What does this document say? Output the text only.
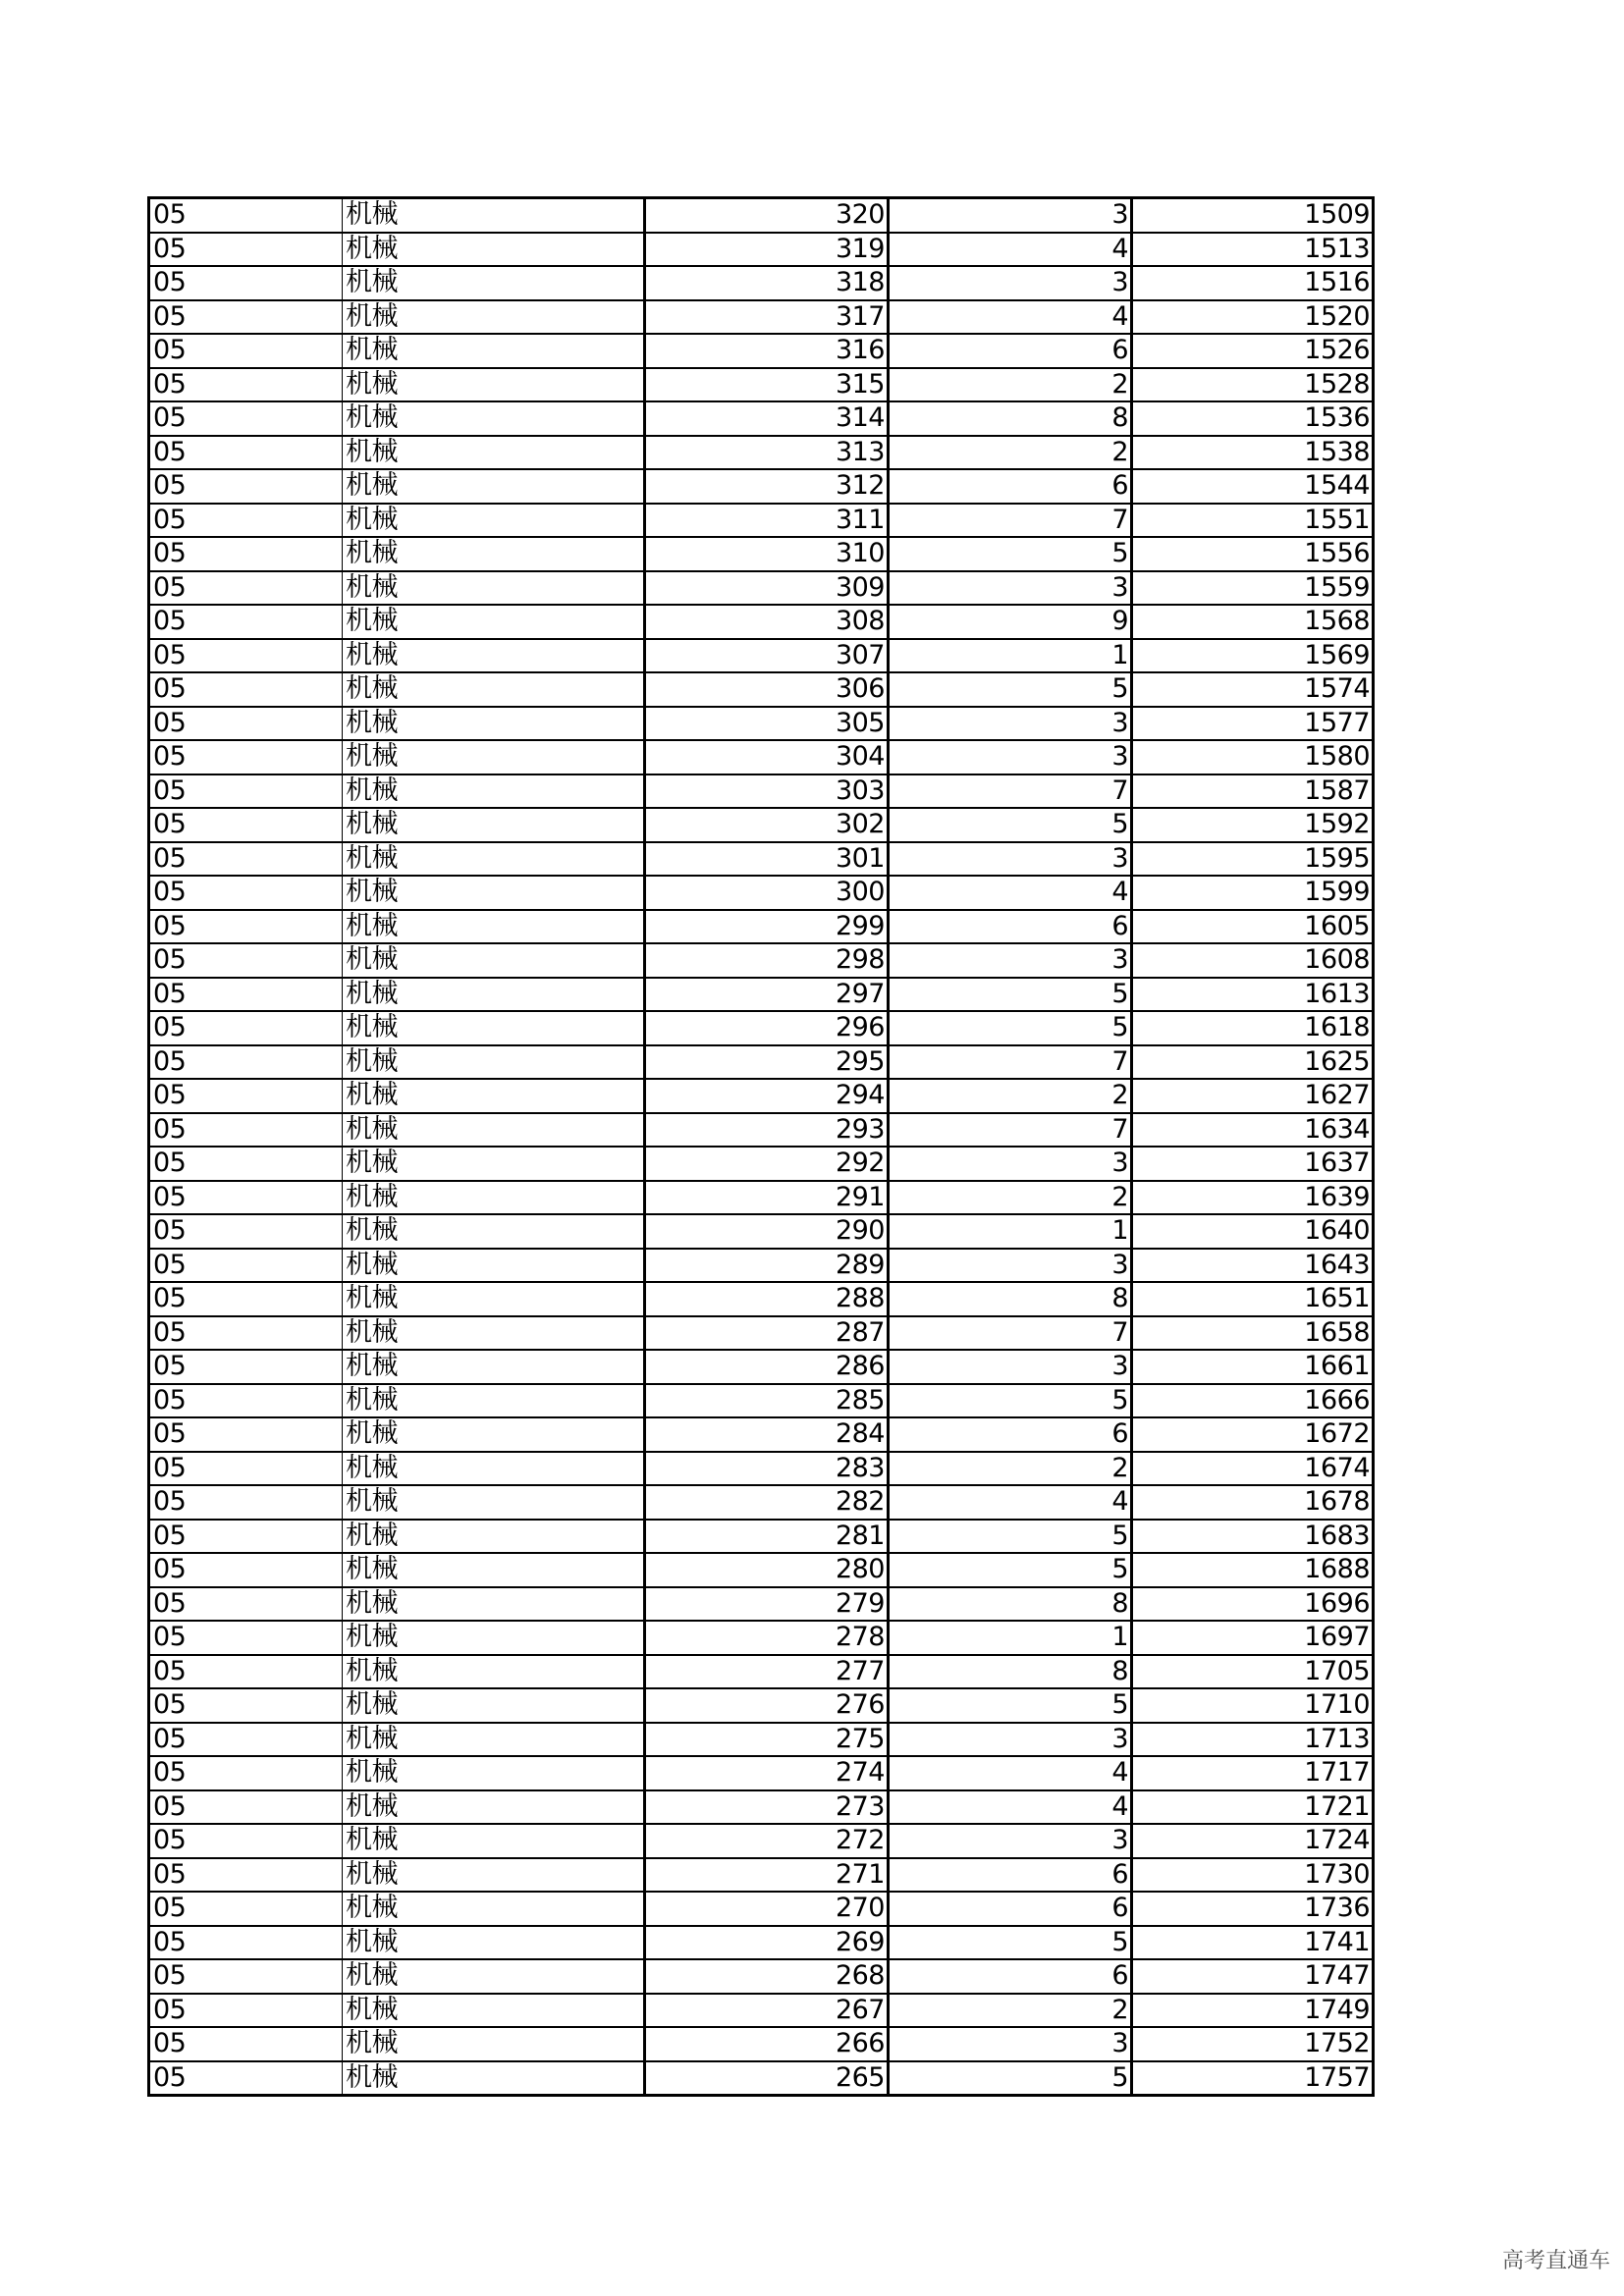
05	机械	320	3	1509
05	机械	319	4	1513
05	机械	318	3	1516
05	机械	317	4	1520
05	机械	316	6	1526
05	机械	315	2	1528
05	机械	314	8	1536
05	机械	313	2	1538
05	机械	312	6	1544
05	机械	311	7	1551
05	机械	310	5	1556
05	机械	309	3	1559
05	机械	308	9	1568
05	机械	307	1	1569
05	机械	306	5	1574
05	机械	305	3	1577
05	机械	304	3	1580
05	机械	303	7	1587
05	机械	302	5	1592
05	机械	301	3	1595
05	机械	300	4	1599
05	机械	299	6	1605
05	机械	298	3	1608
05	机械	297	5	1613
05	机械	296	5	1618
05	机械	295	7	1625
05	机械	294	2	1627
05	机械	293	7	1634
05	机械	292	3	1637
05	机械	291	2	1639
05	机械	290	1	1640
05	机械	289	3	1643
05	机械	288	8	1651
05	机械	287	7	1658
05	机械	286	3	1661
05	机械	285	5	1666
05	机械	284	6	1672
05	机械	283	2	1674
05	机械	282	4	1678
05	机械	281	5	1683
05	机械	280	5	1688
05	机械	279	8	1696
05	机械	278	1	1697
05	机械	277	8	1705
05	机械	276	5	1710
05	机械	275	3	1713
05	机械	274	4	1717
05	机械	273	4	1721
05	机械	272	3	1724
05	机械	271	6	1730
05	机械	270	6	1736
05	机械	269	5	1741
05	机械	268	6	1747
05	机械	267	2	1749
05	机械	266	3	1752
05	机械	265	5	1757
高考直通车
